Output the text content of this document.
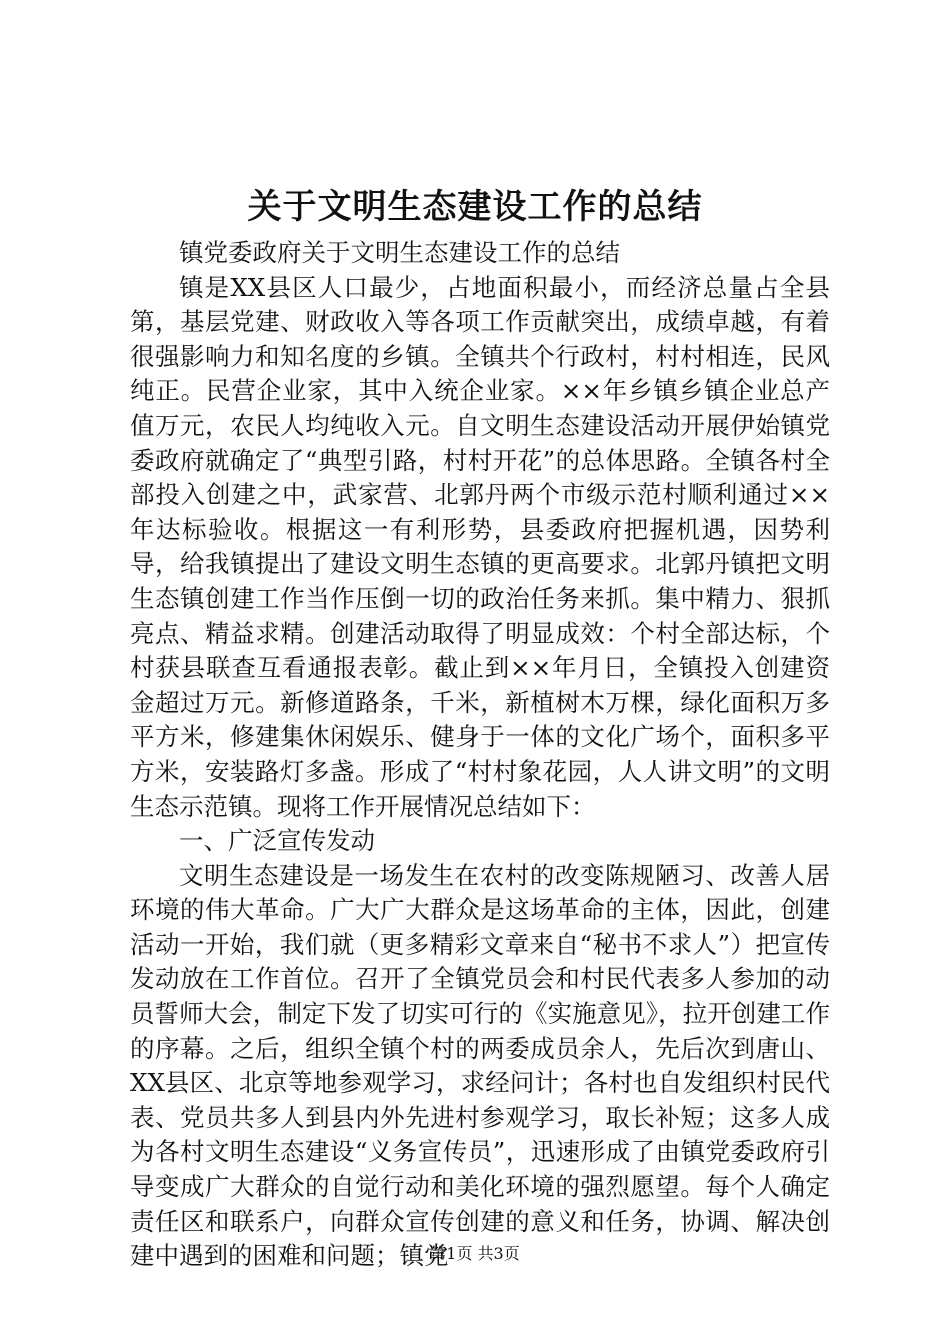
关于文明生态建设工作的总结

镇党委政府关于文明生态建设工作的总结

镇是XX县区人口最少，占地面积最小，而经济总量占全县第，基层党建、财政收入等各项工作贡献突出，成绩卓越，有着很强影响力和知名度的乡镇。全镇共个行政村，村村相连，民风纯正。民营企业家，其中入统企业家。××年乡镇乡镇企业总产值万元，农民人均纯收入元。自文明生态建设活动开展伊始镇党委政府就确定了“典型引路，村村开花”的总体思路。全镇各村全部投入创建之中，武家营、北郭丹两个市级示范村顺利通过××年达标验收。根据这一有利形势，县委政府把握机遇，因势利导，给我镇提出了建设文明生态镇的更高要求。北郭丹镇把文明生态镇创建工作当作压倒一切的政治任务来抓。集中精力、狠抓亮点、精益求精。创建活动取得了明显成效：个村全部达标，个村获县联查互看通报表彰。截止到××年月日，全镇投入创建资金超过万元。新修道路条，千米，新植树木万棵，绿化面积万多平方米，修建集休闲娱乐、健身于一体的文化广场个，面积多平方米，安装路灯多盏。形成了“村村象花园，人人讲文明”的文明生态示范镇。现将工作开展情况总结如下：

一、广泛宣传发动

文明生态建设是一场发生在农村的改变陈规陋习、改善人居环境的伟大革命。广大广大群众是这场革命的主体，因此，创建活动一开始，我们就（更多精彩文章来自“秘书不求人”）把宣传发动放在工作首位。召开了全镇党员会和村民代表多人参加的动员誓师大会，制定下发了切实可行的《实施意见》，拉开创建工作的序幕。之后，组织全镇个村的两委成员余人，先后次到唐山、XX县区、北京等地参观学习，求经问计；各村也自发组织村民代表、党员共多人到县内外先进村参观学习，取长补短；这多人成为各村文明生态建设“义务宣传员”，迅速形成了由镇党委政府引导变成广大群众的自觉行动和美化环境的强烈愿望。每个人确定责任区和联系户，向群众宣传创建的意义和任务，协调、解决创建中遇到的困难和问题；镇党

第1页 共3页
